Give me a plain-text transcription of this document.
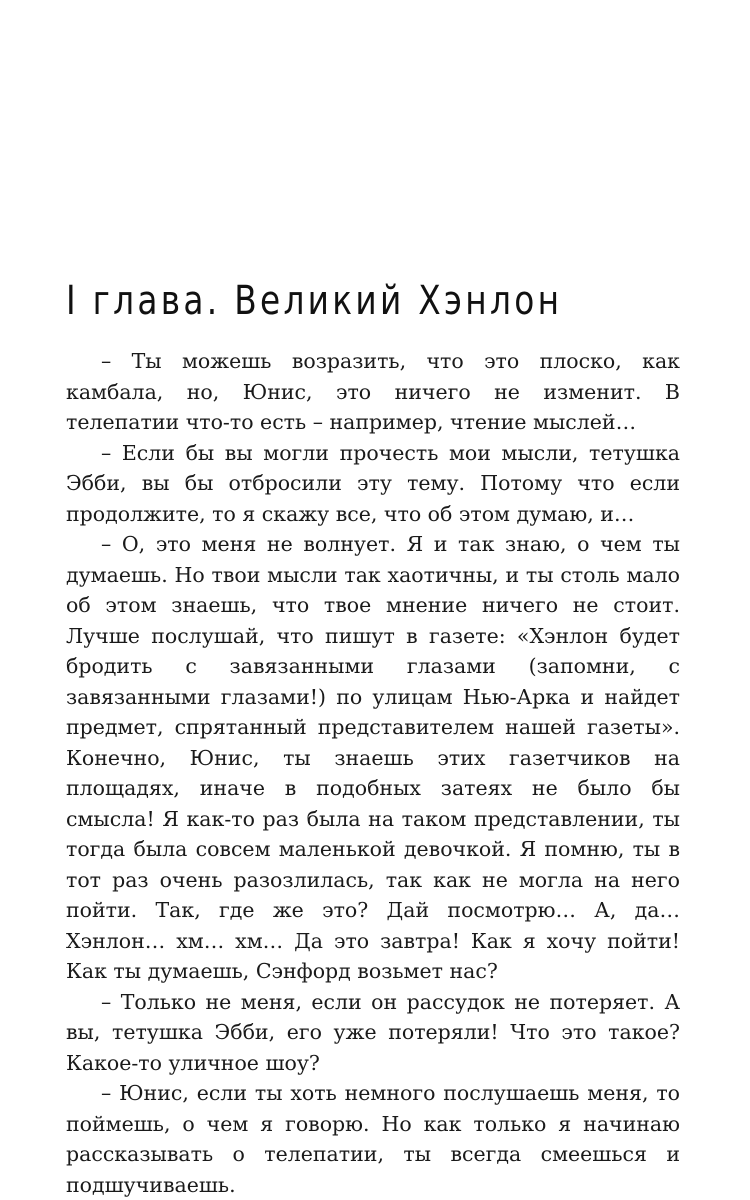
I глава. Великий Хэнлон

– Ты можешь возразить, что это плоско, как камбала, но, Юнис, это ничего не изменит. В телепатии что-то есть – например, чтение мыслей…

– Если бы вы могли прочесть мои мысли, тетушка Эбби, вы бы отбросили эту тему. Потому что если продолжите, то я скажу все, что об этом думаю, и…

– О, это меня не волнует. Я и так знаю, о чем ты думаешь. Но твои мысли так хаотичны, и ты столь мало об этом знаешь, что твое мнение ничего не стоит. Лучше послушай, что пишут в газете: «Хэнлон будет бродить с завязанными глазами (запомни, с завязанными глазами!) по улицам Нью-Арка и найдет предмет, спрятанный представителем нашей газеты». Конечно, Юнис, ты знаешь этих газетчиков на площадях, иначе в подобных затеях не было бы смысла! Я как-то раз была на таком представлении, ты тогда была совсем маленькой девочкой. Я помню, ты в тот раз очень разозлилась, так как не могла на него пойти. Так, где же это? Дай посмотрю… А, да… Хэнлон… хм… хм… Да это завтра! Как я хочу пойти! Как ты думаешь, Сэнфорд возьмет нас?

– Только не меня, если он рассудок не потеряет. А вы, тетушка Эбби, его уже потеряли! Что это такое? Какое-то уличное шоу?

– Юнис, если ты хоть немного послушаешь меня, то поймешь, о чем я говорю. Но как только я начинаю рассказывать о телепатии, ты всегда смеешься и подшучиваешь.
